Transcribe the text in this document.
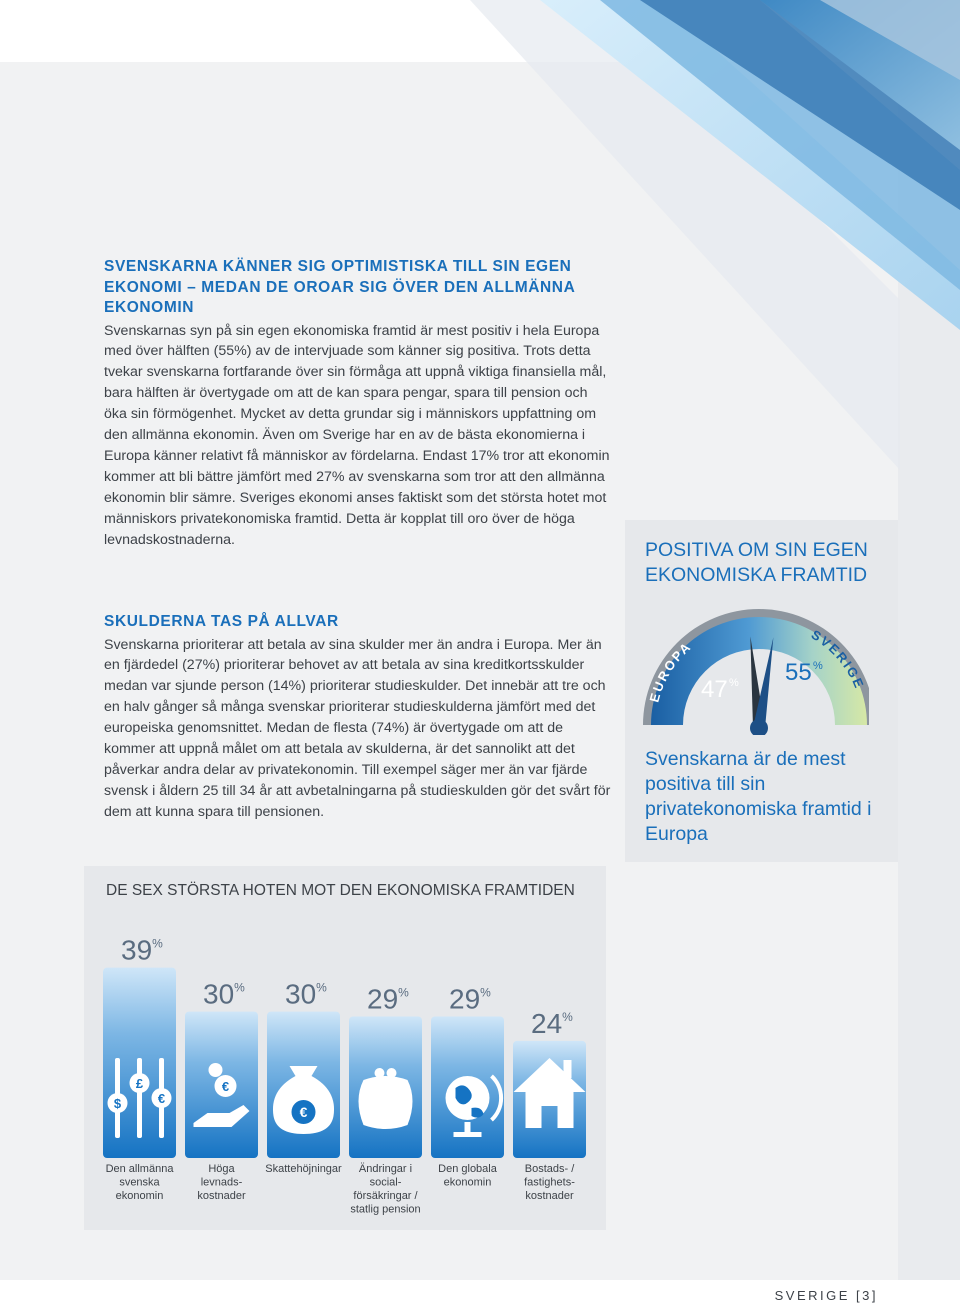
SVENSKARNA KÄNNER SIG OPTIMISTISKA TILL SIN EGEN EKONOMI – MEDAN DE OROAR SIG ÖVER DEN ALLMÄNNA EKONOMIN

Svenskarnas syn på sin egen ekonomiska framtid är mest positiv i hela Europa med över hälften (55%) av de intervjuade som känner sig positiva. Trots detta tvekar svenskarna fortfarande över sin förmåga att uppnå viktiga finansiella mål, bara hälften är övertygade om att de kan spara pengar, spara till pension och öka sin förmögenhet. Mycket av detta grundar sig i människors uppfattning om den allmänna ekonomin. Även om Sverige har en av de bästa ekonomierna i Europa känner relativt få människor av fördelarna. Endast 17% tror att ekonomin kommer att bli bättre jämfört med 27% av svenskarna som tror att den allmänna ekonomin blir sämre. Sveriges ekonomi anses faktiskt som det största hotet mot människors privatekonomiska framtid. Detta är kopplat till oro över de höga levnadskostnaderna.

SKULDERNA TAS PÅ ALLVAR

Svenskarna prioriterar att betala av sina skulder mer än andra i Europa. Mer än en fjärdedel (27%) prioriterar behovet av att betala av sina kreditkortsskulder medan var sjunde person (14%) prioriterar studieskulder. Det innebär att tre och en halv gånger så många svenskar prioriterar studieskulderna jämfört med det europeiska genomsnittet. Medan de flesta (74%) är övertygade om att de kommer att uppnå målet om att betala av skulderna, är det sannolikt att det påverkar andra delar av privatekonomin. Till exempel säger mer än var fjärde svensk i åldern 25 till 34 år att avbetalningarna på studieskulden gör det svårt för dem att kunna spara till pensionen.

POSITIVA OM SIN EGEN EKONOMISKA FRAMTID

EUROPA
SVERIGE
47 % 55 %

Svenskarna är de mest positiva till sin privatekonomiska framtid i Europa

DE SEX STÖRSTA HOTEN MOT DEN EKONOMISKA FRAMTIDEN

$
£
€
39%
Den allmänna svenska ekonomin
€
30%
Höga levnads-kostnader
€
30%
Skattehöjningar
29%
Ändringar i social-försäkringar / statlig pension
29%
Den globala ekonomin
24%
Bostads- / fastighets-kostnader
SVERIGE [3]
